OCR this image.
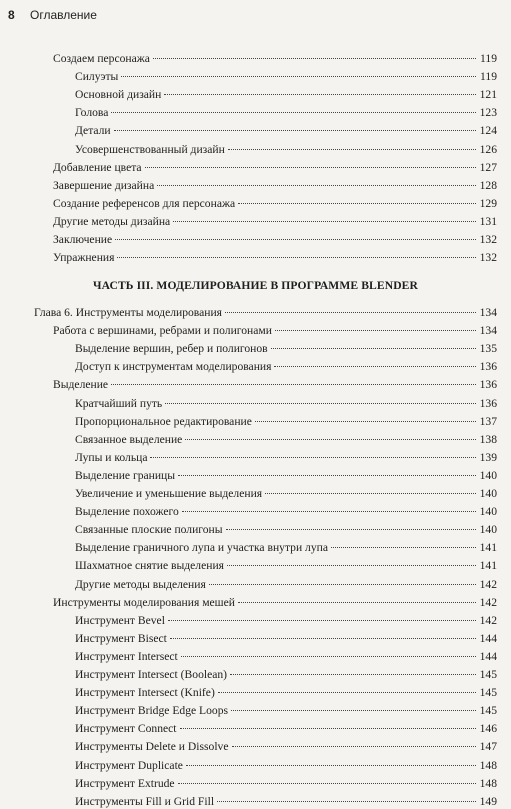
8 Оглавление
ЧАСТЬ III. МОДЕЛИРОВАНИЕ В ПРОГРАММЕ BLENDER
Создаем персонажа	119
Силуэты	119
Основной дизайн	121
Голова	123
Детали	124
Усовершенствованный дизайн	126
Добавление цвета	127
Завершение дизайна	128
Создание референсов для персонажа	129
Другие методы дизайна	131
Заключение	132
Упражнения	132
Глава 6. Инструменты моделирования	134
Работа с вершинами, ребрами и полигонами	134
Выделение вершин, ребер и полигонов	135
Доступ к инструментам моделирования	136
Выделение	136
Кратчайший путь	136
Пропорциональное редактирование	137
Связанное выделение	138
Лупы и кольца	139
Выделение границы	140
Увеличение и уменьшение выделения	140
Выделение похожего	140
Связанные плоские полигоны	140
Выделение граничного лупа и участка внутри лупа	141
Шахматное снятие выделения	141
Другие методы выделения	142
Инструменты моделирования мешей	142
Инструмент Bevel	142
Инструмент Bisect	144
Инструмент Intersect	144
Инструмент Intersect (Boolean)	145
Инструмент Intersect (Knife)	145
Инструмент Bridge Edge Loops	145
Инструмент Connect	146
Инструменты Delete и Dissolve	147
Инструмент Duplicate	148
Инструмент Extrude	148
Инструменты Fill и Grid Fill	149
